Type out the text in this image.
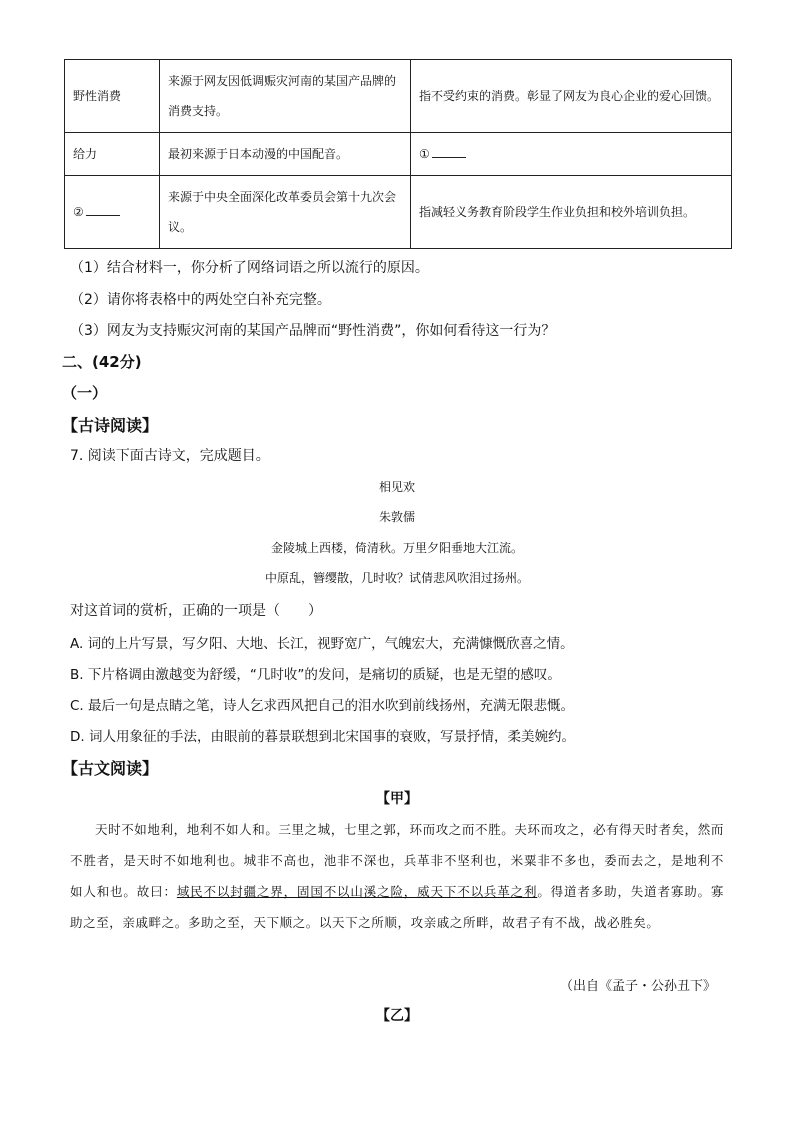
野性消费	来源于网友因低调赈灾河南的某国产品牌的消费支持。	指不受约束的消费。彰显了网友为良心企业的爱心回馈。
给力	最初来源于日本动漫的中国配音。	①
②	来源于中央全面深化改革委员会第十九次会议。	指减轻义务教育阶段学生作业负担和校外培训负担。
（1）结合材料一，你分析了网络词语之所以流行的原因。
（2）请你将表格中的两处空白补充完整。
（3）网友为支持赈灾河南的某国产品牌而“野性消费”，你如何看待这一行为？
二、(42分)
（一）
【古诗阅读】
7. 阅读下面古诗文，完成题目。
相见欢
朱敦儒
金陵城上西楼，倚清秋。万里夕阳垂地大江流。
中原乱，簪缨散，几时收？试倩悲风吹泪过扬州。
对这首词的赏析，正确的一项是（　　）
A. 词的上片写景，写夕阳、大地、长江，视野宽广，气魄宏大，充满慷慨欣喜之情。
B. 下片格调由激越变为舒缓，“几时收”的发问，是痛切的质疑，也是无望的感叹。
C. 最后一句是点睛之笔，诗人乞求西风把自己的泪水吹到前线扬州，充满无限悲慨。
D. 词人用象征的手法，由眼前的暮景联想到北宋国事的衰败，写景抒情，柔美婉约。
【古文阅读】
【甲】
天时不如地利，地利不如人和。三里之城，七里之郭，环而攻之而不胜。夫环而攻之，必有得天时者矣，然而不胜者，是天时不如地利也。城非不高也，池非不深也，兵革非不坚利也，米粟非不多也，委而去之，是地利不如人和也。故曰：域民不以封疆之界，固国不以山溪之险，威天下不以兵革之利。得道者多助，失道者寡助。寡助之至，亲戚畔之。多助之至，天下顺之。以天下之所顺，攻亲戚之所畔，故君子有不战，战必胜矣。
（出自《孟子・公孙丑下》
【乙】
